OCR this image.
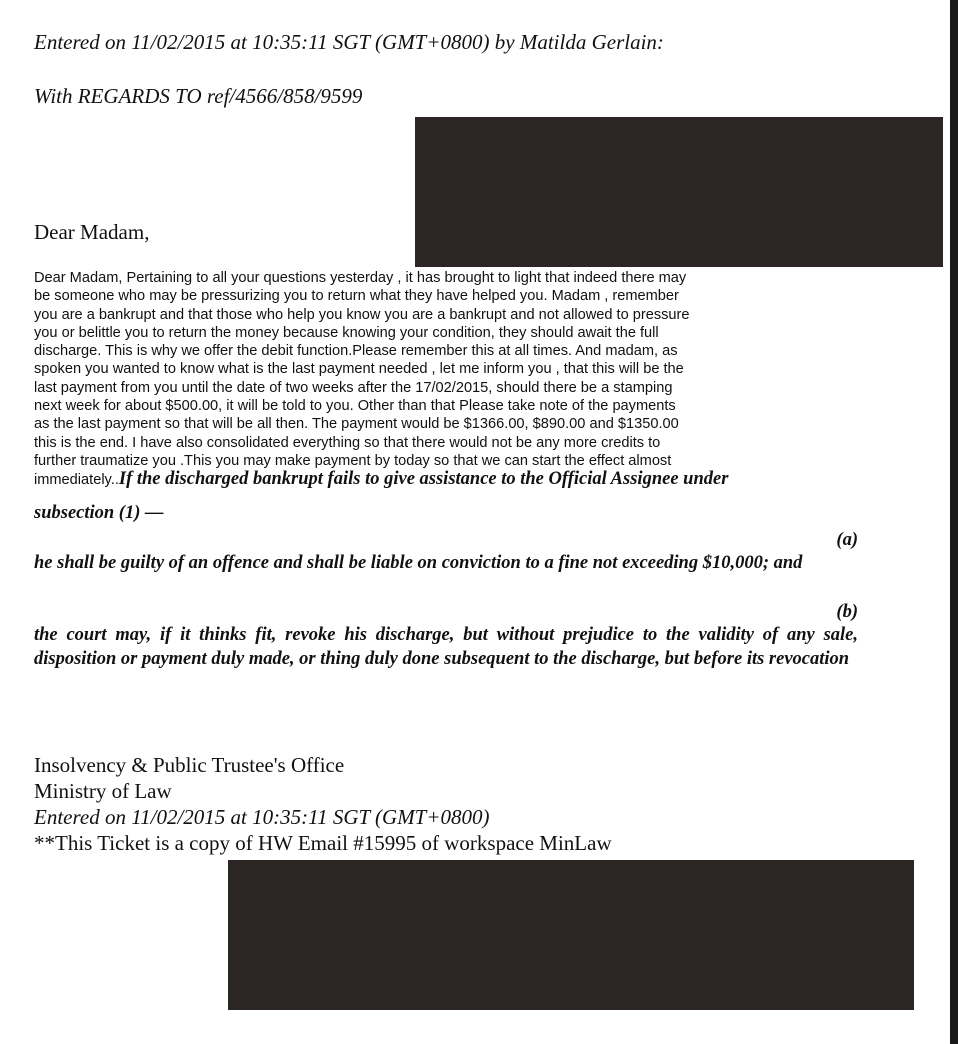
Entered on 11/02/2015 at 10:35:11 SGT (GMT+0800) by Matilda Gerlain:
With REGARDS TO ref/4566/858/9599
Dear Madam,

Dear Madam, Pertaining to all your questions yesterday , it has brought to light that indeed there may

be someone who may be pressurizing you to return what they have helped you. Madam , remember

you are a bankrupt and that those who help you know you are a bankrupt and not allowed to pressure

you or belittle you to return the money because knowing your condition, they should await the full

discharge. This is why we offer the debit function.Please remember this at all times. And madam, as

spoken you wanted to know what is the last payment needed , let me inform you , that this will be the

last payment from you until the date of two weeks after the 17/02/2015, should there be a stamping

next week for about $500.00, it will be told to you. Other than that Please take note of the payments

as the last payment so that will be all then. The payment would be $1366.00, $890.00 and $1350.00

this is the end. I have also consolidated everything so that there would not be any more credits to

further traumatize you .This you may make payment by today so that we can start the effect almost

immediately..If the discharged bankrupt fails to give assistance to the Official Assignee under

subsection (1) —
(a)
he shall be guilty of an offence and shall be liable on conviction to a fine not exceeding $10,000; and
(b)
the court may, if it thinks fit, revoke his discharge, but without prejudice to the validity of any sale, disposition or payment duly made, or thing duly done subsequent to the discharge, but before its revocation
Insolvency & Public Trustee's Office
Ministry of Law
Entered on 11/02/2015 at 10:35:11 SGT (GMT+0800)
**This Ticket is a copy of HW Email #15995 of workspace MinLaw
